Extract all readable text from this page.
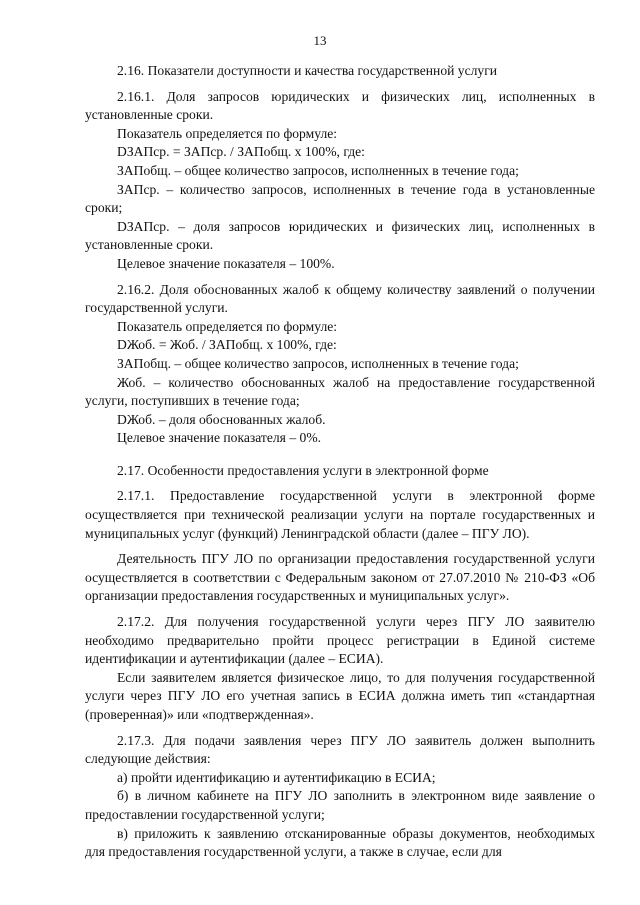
13

2.16. Показатели доступности и качества государственной услуги

2.16.1. Доля запросов юридических и физических лиц, исполненных в установленные сроки.

Показатель определяется по формуле:

DЗАПср. = ЗАПср. / ЗАПобщ. х 100%, где:

ЗАПобщ. – общее количество запросов, исполненных в течение года;

ЗАПср. – количество запросов, исполненных в течение года в установленные сроки;

DЗАПср. – доля запросов юридических и физических лиц, исполненных в установленные сроки.

Целевое значение показателя – 100%.

2.16.2. Доля обоснованных жалоб к общему количеству заявлений о получении государственной услуги.

Показатель определяется по формуле:

DЖоб. = Жоб. / ЗАПобщ. х 100%, где:

ЗАПобщ. – общее количество запросов, исполненных в течение года;

Жоб. – количество обоснованных жалоб на предоставление государственной услуги, поступивших в течение года;

DЖоб. – доля обоснованных жалоб.

Целевое значение показателя – 0%.

2.17. Особенности предоставления услуги в электронной форме

2.17.1. Предоставление государственной услуги в электронной форме осуществляется при технической реализации услуги на портале государственных и муниципальных услуг (функций) Ленинградской области (далее – ПГУ ЛО).

Деятельность ПГУ ЛО по организации предоставления государственной услуги осуществляется в соответствии с Федеральным законом от 27.07.2010 № 210-ФЗ «Об организации предоставления государственных и муниципальных услуг».

2.17.2. Для получения государственной услуги через ПГУ ЛО заявителю необходимо предварительно пройти процесс регистрации в Единой системе идентификации и аутентификации (далее – ЕСИА).

Если заявителем является физическое лицо, то для получения государственной услуги через ПГУ ЛО его учетная запись в ЕСИА должна иметь тип «стандартная (проверенная)» или «подтвержденная».

2.17.3. Для подачи заявления через ПГУ ЛО заявитель должен выполнить следующие действия:

а) пройти идентификацию и аутентификацию в ЕСИА;

б) в личном кабинете на ПГУ ЛО заполнить в электронном виде заявление о предоставлении государственной услуги;

в) приложить к заявлению отсканированные образы документов, необходимых для предоставления государственной услуги, а также в случае, если для
